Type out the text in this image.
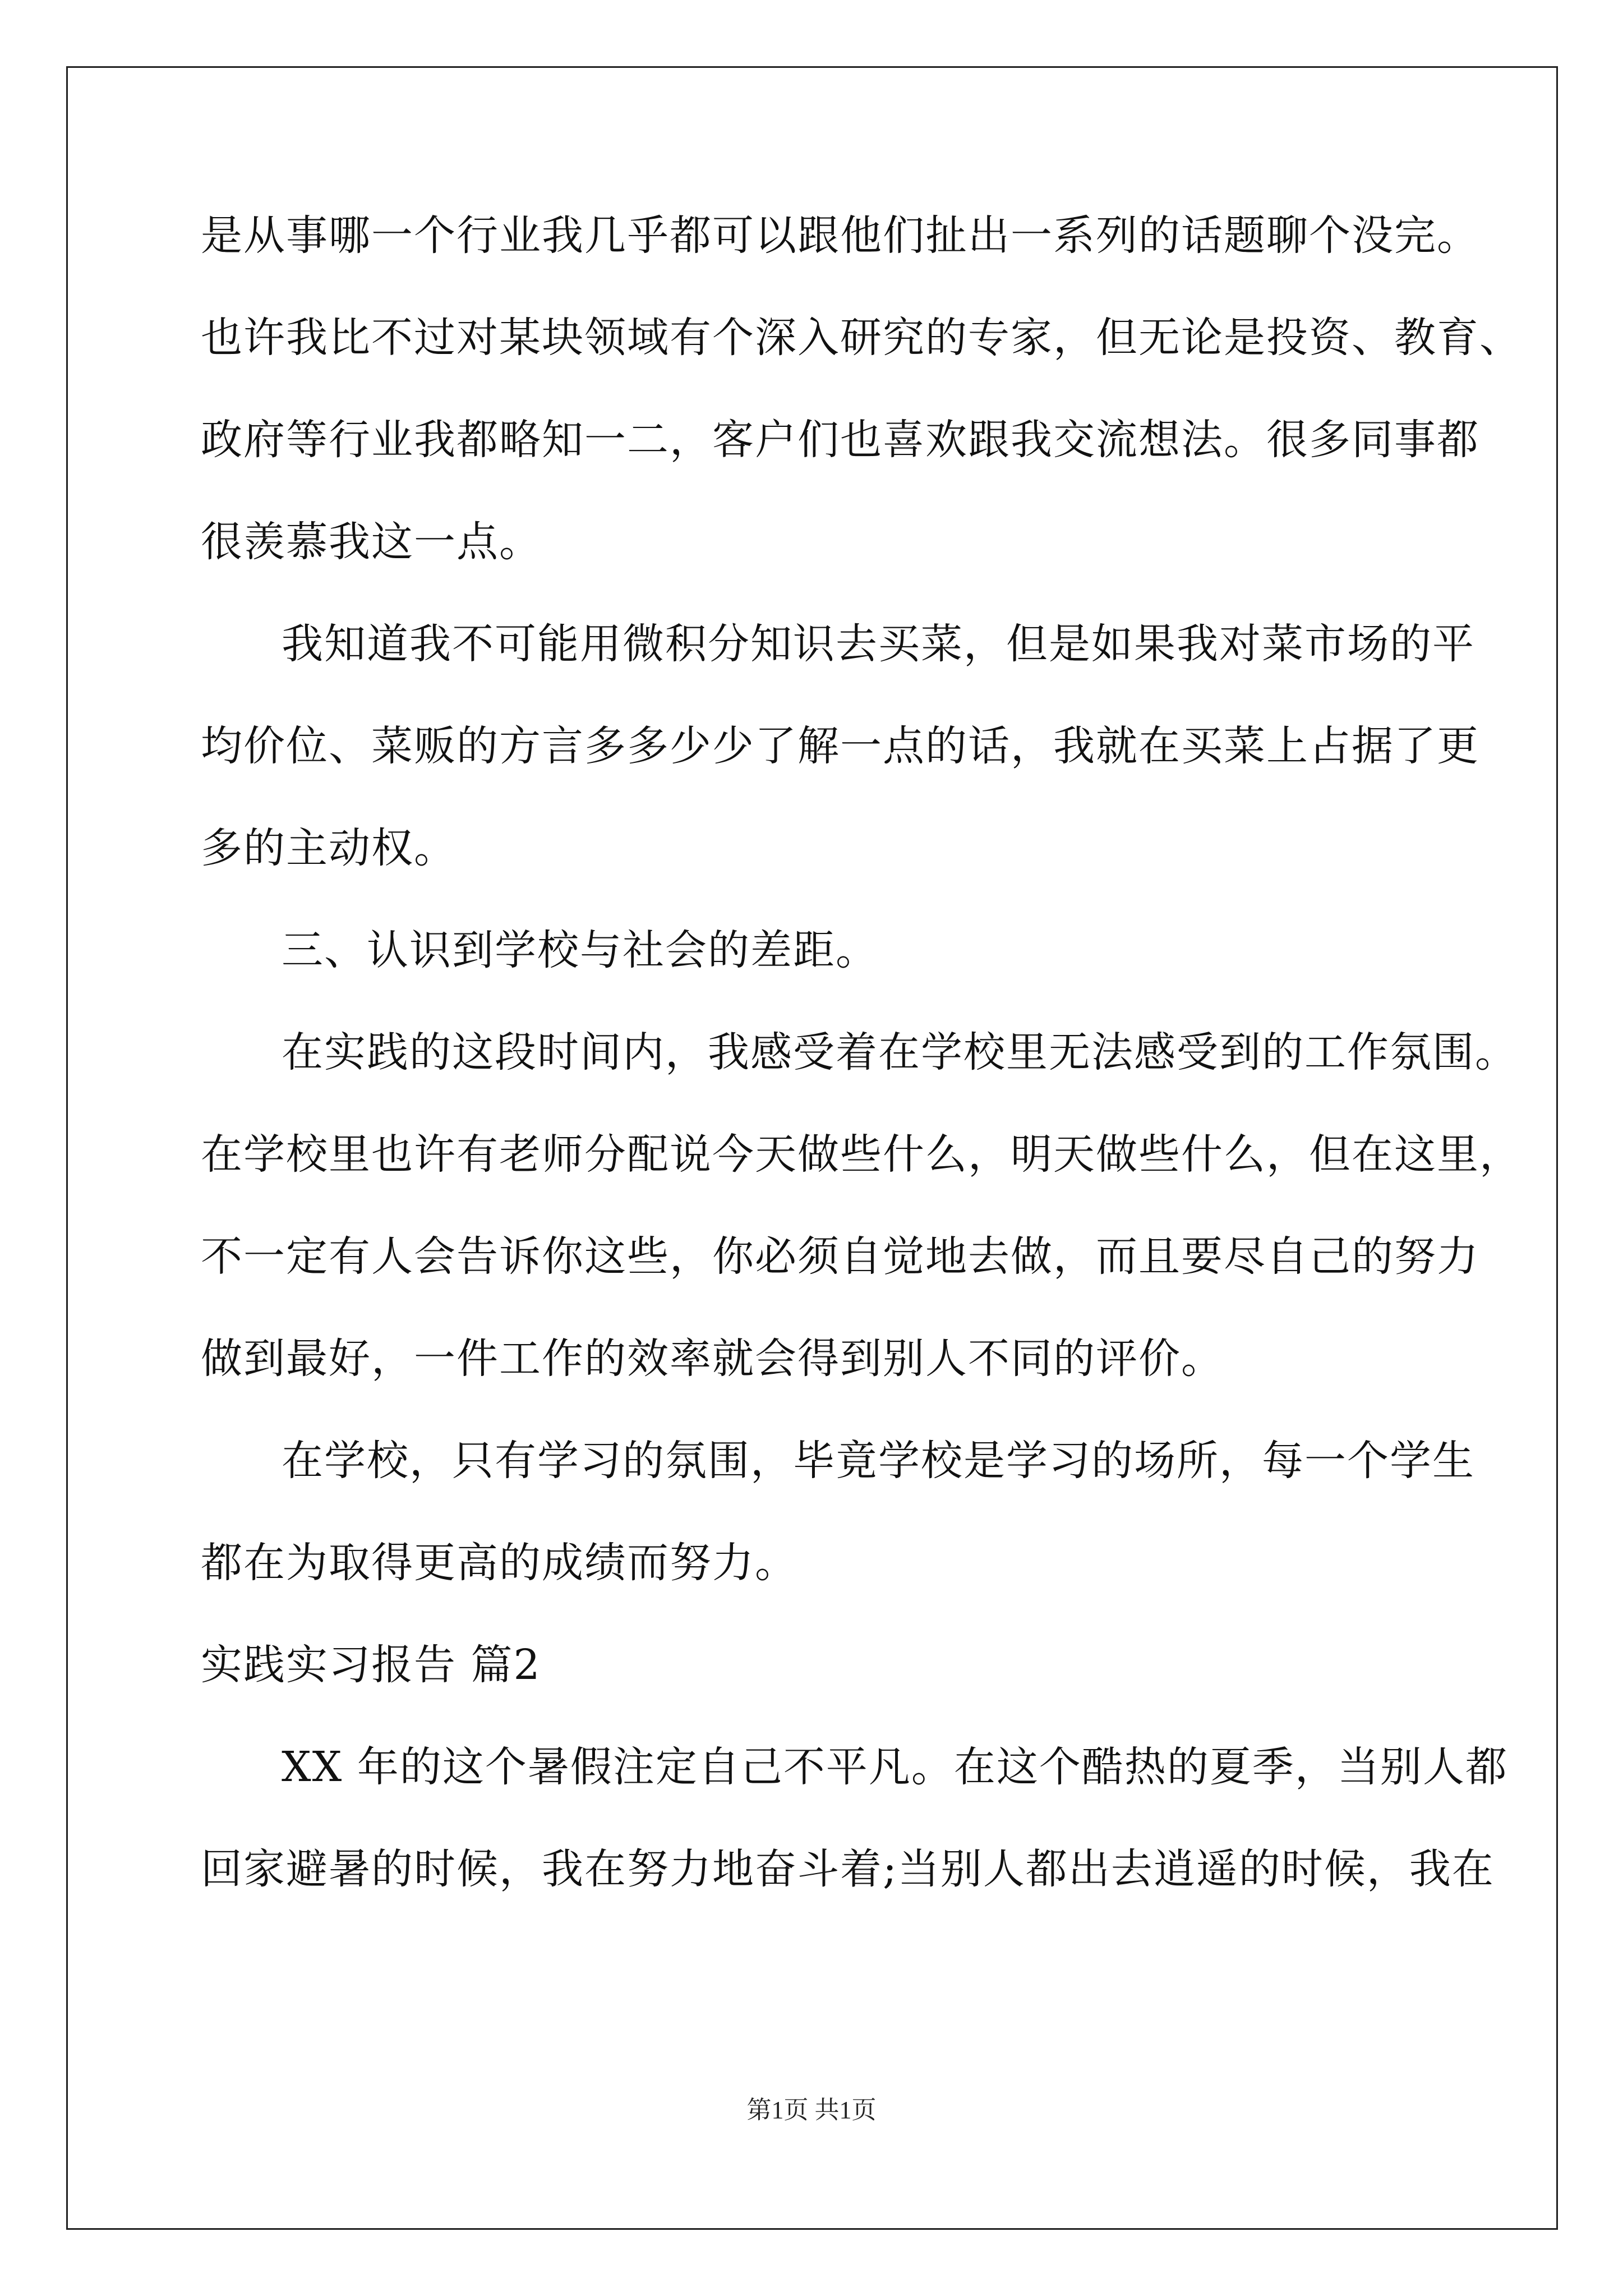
是从事哪一个行业我几乎都可以跟他们扯出一系列的话题聊个没完。
也许我比不过对某块领域有个深入研究的专家，但无论是投资、教育、
政府等行业我都略知一二，客户们也喜欢跟我交流想法。很多同事都
很羡慕我这一点。
我知道我不可能用微积分知识去买菜，但是如果我对菜市场的平
均价位、菜贩的方言多多少少了解一点的话，我就在买菜上占据了更
多的主动权。
三、认识到学校与社会的差距。
在实践的这段时间内，我感受着在学校里无法感受到的工作氛围。
在学校里也许有老师分配说今天做些什么，明天做些什么，但在这里，
不一定有人会告诉你这些，你必须自觉地去做，而且要尽自己的努力
做到最好，一件工作的效率就会得到别人不同的评价。
在学校，只有学习的氛围，毕竟学校是学习的场所，每一个学生
都在为取得更高的成绩而努力。
实践实习报告 篇2
XX 年的这个暑假注定自己不平凡。在这个酷热的夏季，当别人都
回家避暑的时候，我在努力地奋斗着;当别人都出去逍遥的时候，我在
第1页 共1页
